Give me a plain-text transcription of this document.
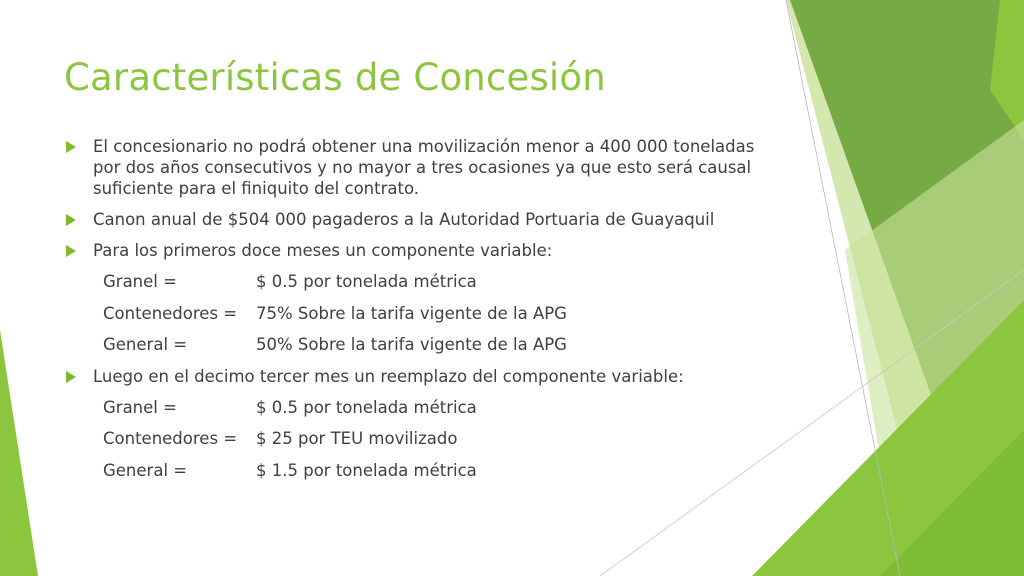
Características de Concesión
El concesionario no podrá obtener una movilización menor a 400 000 toneladas por dos años consecutivos y no mayor a tres ocasiones ya que esto será causal suficiente para el finiquito del contrato.
Canon anual de $504 000 pagaderos a la Autoridad Portuaria de Guayaquil
Para los primeros doce meses un componente variable:
Granel =	$ 0.5 por tonelada métrica
Contenedores = 75% Sobre la tarifa vigente de la APG
General =	50% Sobre la tarifa vigente de la APG
Luego en el decimo tercer mes un reemplazo del componente variable:
Granel =	$ 0.5 por tonelada métrica
Contenedores = $ 25 por TEU movilizado
General =	$ 1.5 por tonelada métrica
